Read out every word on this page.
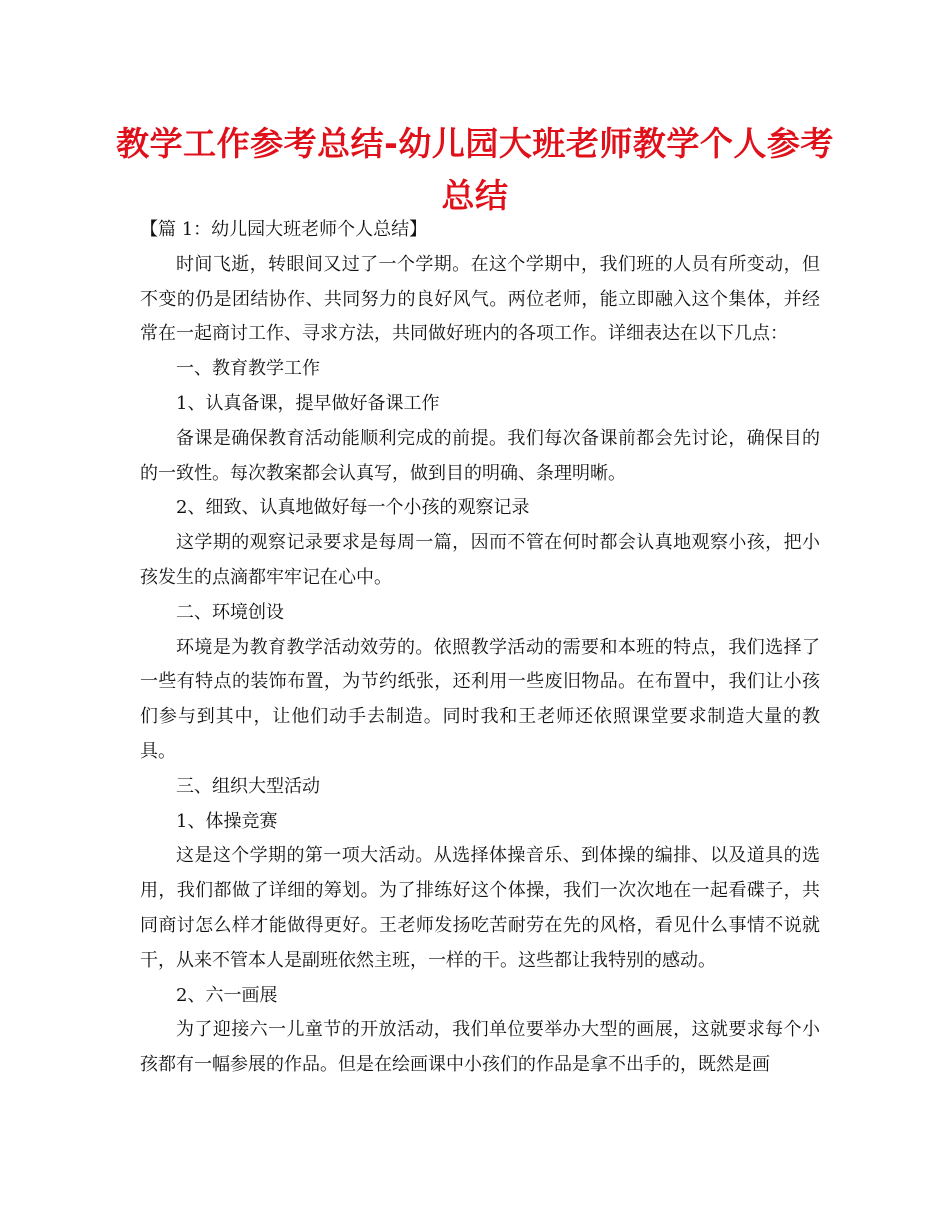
教学工作参考总结-幼儿园大班老师教学个人参考总结

【篇 1：幼儿园大班老师个人总结】

时间飞逝，转眼间又过了一个学期。在这个学期中，我们班的人员有所变动，但不变的仍是团结协作、共同努力的良好风气。两位老师，能立即融入这个集体，并经常在一起商讨工作、寻求方法，共同做好班内的各项工作。详细表达在以下几点：

一、教育教学工作

1、认真备课，提早做好备课工作

备课是确保教育活动能顺利完成的前提。我们每次备课前都会先讨论，确保目的的一致性。每次教案都会认真写，做到目的明确、条理明晰。

2、细致、认真地做好每一个小孩的观察记录

这学期的观察记录要求是每周一篇，因而不管在何时都会认真地观察小孩，把小孩发生的点滴都牢牢记在心中。

二、环境创设

环境是为教育教学活动效劳的。依照教学活动的需要和本班的特点，我们选择了一些有特点的装饰布置，为节约纸张，还利用一些废旧物品。在布置中，我们让小孩们参与到其中，让他们动手去制造。同时我和王老师还依照课堂要求制造大量的教具。

三、组织大型活动

1、体操竞赛

这是这个学期的第一项大活动。从选择体操音乐、到体操的编排、以及道具的选用，我们都做了详细的筹划。为了排练好这个体操，我们一次次地在一起看碟子，共同商讨怎么样才能做得更好。王老师发扬吃苦耐劳在先的风格，看见什么事情不说就干，从来不管本人是副班依然主班，一样的干。这些都让我特别的感动。

2、六一画展

为了迎接六一儿童节的开放活动，我们单位要举办大型的画展，这就要求每个小孩都有一幅参展的作品。但是在绘画课中小孩们的作品是拿不出手的，既然是画
